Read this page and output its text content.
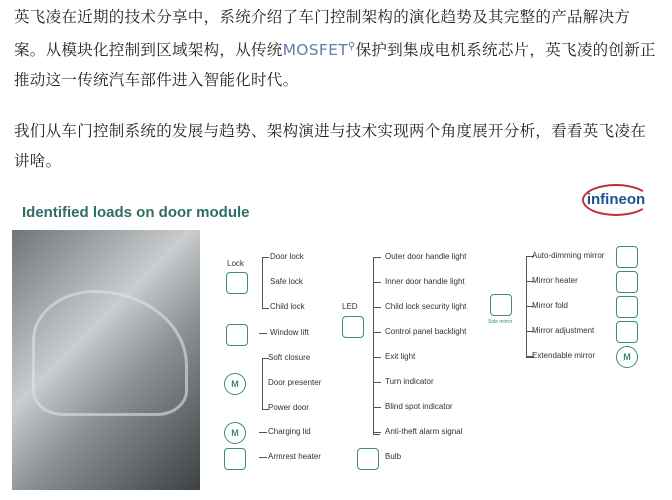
英飞凌在近期的技术分享中，系统介绍了车门控制架构的演化趋势及其完整的产品解决方
案。从模块化控制到区域架构，从传统MOSFET⚲保护到集成电机系统芯片，英飞凌的创新正
推动这一传统汽车部件进入智能化时代。
我们从车门控制系统的发展与趋势、架构演进与技术实现两个角度展开分析，看看英飞凌在
讲啥。
Identified loads on door module
infineon
Lock
Door lock
Safe lock
Child lock
Window lift
M
Soft closure
Door presenter
Power door
M	Charging lid
Armrest heater
LED
Outer door handle light
Inner door handle light
Child lock security light
Control panel backlight
Exit light
Turn indicator
Blind spot indicator
Anti-theft alarm signal
Bulb
Side mirror
Auto-dimming mirror
Mirror heater
Mirror fold
Mirror adjustment
Extendable mirror	M
